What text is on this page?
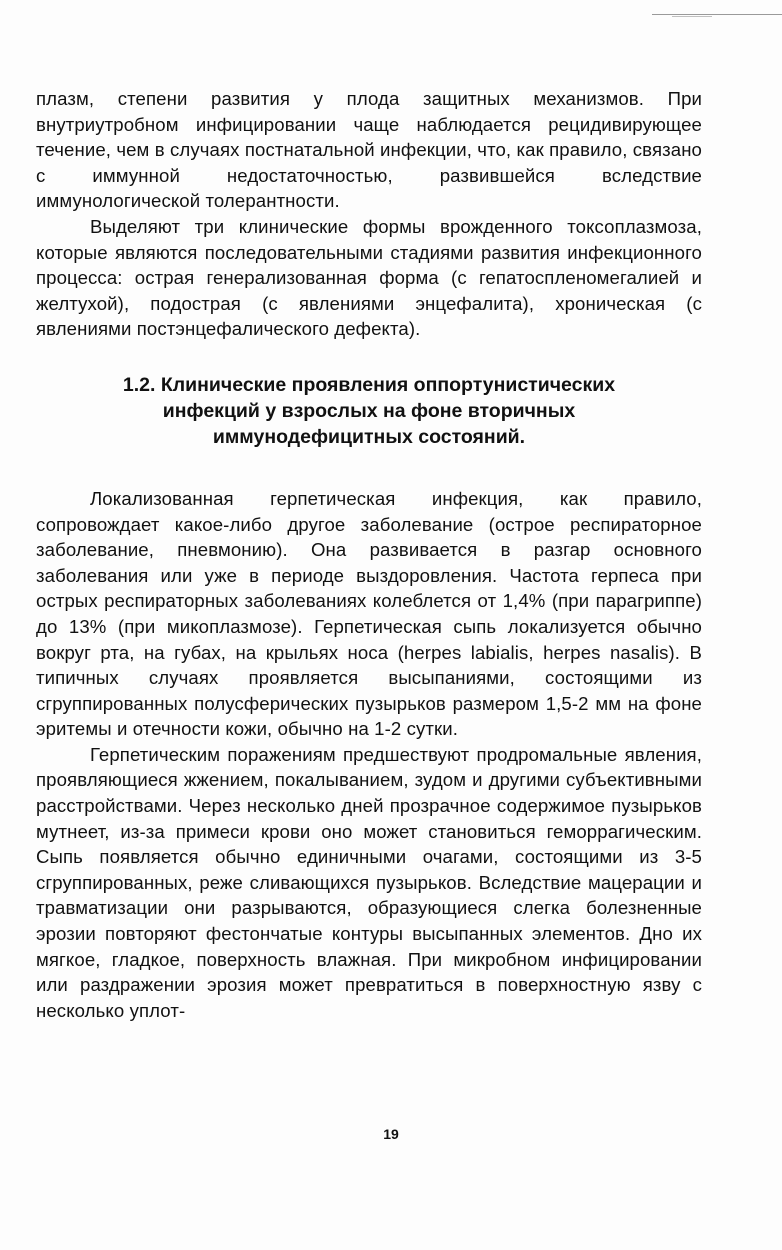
плазм, степени развития у плода защитных механизмов. При внутриутробном инфицировании чаще наблюдается рецидивирующее течение, чем в случаях постнатальной инфекции, что, как правило, связано с иммунной недостаточностью, развившейся вследствие иммунологической толерантности.

Выделяют три клинические формы врожденного токсоплазмоза, которые являются последовательными стадиями развития инфекционного процесса: острая генерализованная форма (с гепатоспленомегалией и желтухой), подострая (с явлениями энцефалита), хроническая (с явлениями постэнцефалического дефекта).

1.2. Клинические проявления оппортунистических
инфекций у взрослых на фоне вторичных
иммунодефицитных состояний.

Локализованная герпетическая инфекция, как правило, сопровождает какое-либо другое заболевание (острое респираторное заболевание, пневмонию). Она развивается в разгар основного заболевания или уже в периоде выздоровления. Частота герпеса при острых респираторных заболеваниях колеблется от 1,4% (при парагриппе) до 13% (при микоплазмозе). Герпетическая сыпь локализуется обычно вокруг рта, на губах, на крыльях носа (herpes labialis, herpes nasalis). В типичных случаях проявляется высыпаниями, состоящими из сгруппированных полусферических пузырьков размером 1,5-2 мм на фоне эритемы и отечности кожи, обычно на 1-2 сутки.

Герпетическим поражениям предшествуют продромальные явления, проявляющиеся жжением, покалыванием, зудом и другими субъективными расстройствами. Через несколько дней прозрачное содержимое пузырьков мутнеет, из-за примеси крови оно может становиться геморрагическим. Сыпь появляется обычно единичными очагами, состоящими из 3-5 сгруппированных, реже сливающихся пузырьков. Вследствие мацерации и травматизации они разрываются, образующиеся слегка болезненные эрозии повторяют фестончатые контуры высыпанных элементов. Дно их мягкое, гладкое, поверхность влажная. При микробном инфицировании или раздражении эрозия может превратиться в поверхностную язву с несколько уплот-

19
